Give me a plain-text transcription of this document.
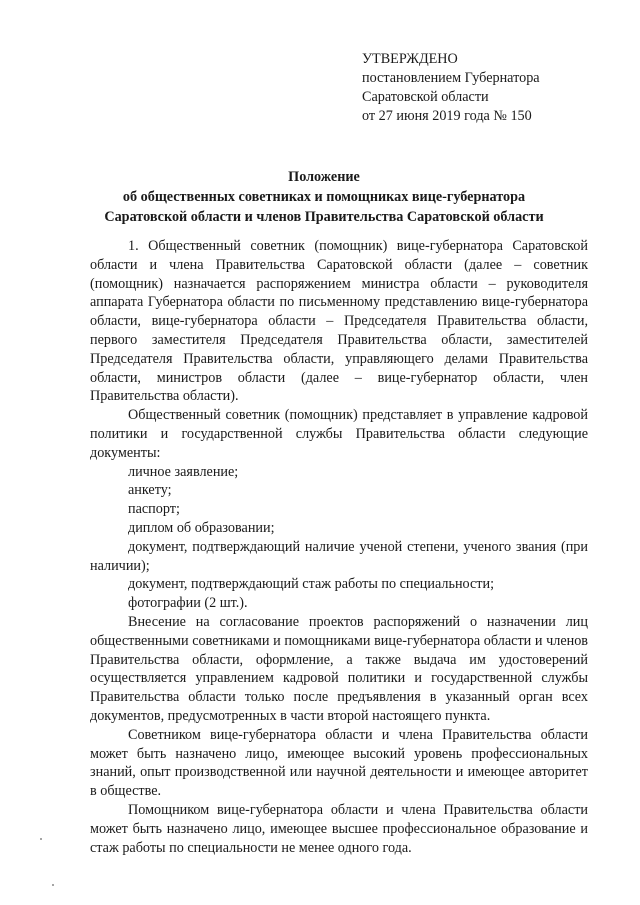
УТВЕРЖДЕНО
постановлением Губернатора
Саратовской области
от 27 июня 2019 года № 150
Положение
об общественных советниках и помощниках вице-губернатора
Саратовской области и членов Правительства Саратовской области

1. Общественный советник (помощник) вице-губернатора Саратовской области и члена Правительства Саратовской области (далее – советник (помощник) назначается распоряжением министра области – руководителя аппарата Губернатора области по письменному представлению вице-губернатора области, вице-губернатора области – Председателя Правительства области, первого заместителя Председателя Правительства области, заместителей Председателя Правительства области, управляющего делами Правительства области, министров области (далее – вице-губернатор области, член Правительства области).

Общественный советник (помощник) представляет в управление кадровой политики и государственной службы Правительства области следующие документы:

личное заявление;

анкету;

паспорт;

диплом об образовании;

документ, подтверждающий наличие ученой степени, ученого звания (при наличии);

документ, подтверждающий стаж работы по специальности;

фотографии (2 шт.).

Внесение на согласование проектов распоряжений о назначении лиц общественными советниками и помощниками вице-губернатора области и членов Правительства области, оформление, а также выдача им удостоверений осуществляется управлением кадровой политики и государственной службы Правительства области только после предъявления в указанный орган всех документов, предусмотренных в части второй настоящего пункта.

Советником вице-губернатора области и члена Правительства области может быть назначено лицо, имеющее высокий уровень профессиональных знаний, опыт производственной или научной деятельности и имеющее авторитет в обществе.

Помощником вице-губернатора области и члена Правительства области может быть назначено лицо, имеющее высшее профессиональное образование и стаж работы по специальности не менее одного года.
